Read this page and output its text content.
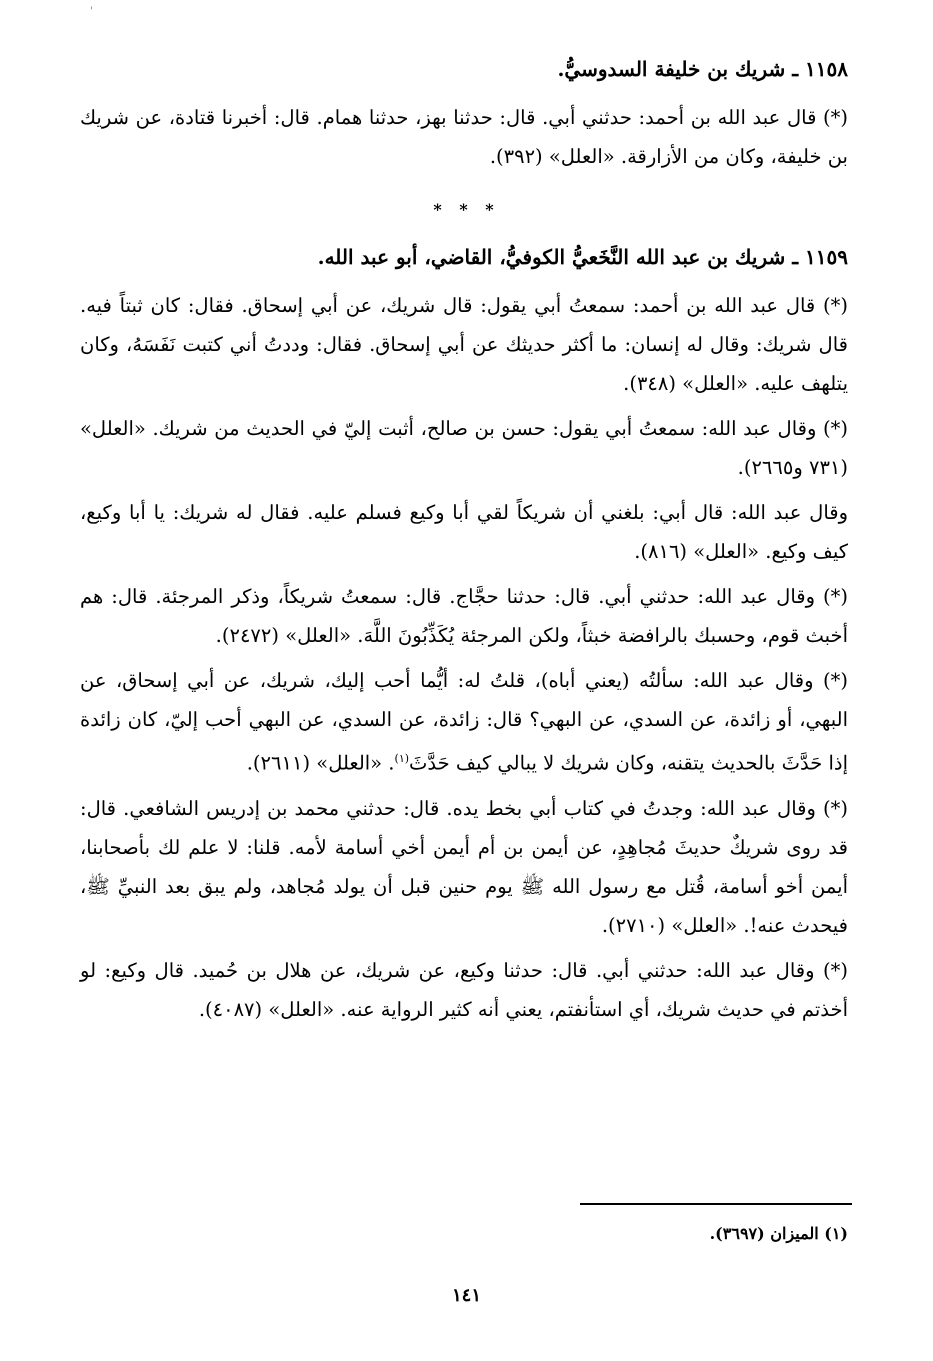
'

١١٥٨ ـ شريك بن خليفة السدوسيُّ.

(*) قال عبد الله بن أحمد: حدثني أبي. قال: حدثنا بهز، حدثنا همام. قال: أخبرنا قتادة، عن شريك بن خليفة، وكان من الأزارقة. «العلل» (٣٩٢).

* * *

١١٥٩ ـ شريك بن عبد الله النَّخَعيُّ الكوفيُّ، القاضي، أبو عبد الله.

(*) قال عبد الله بن أحمد: سمعتُ أبي يقول: قال شريك، عن أبي إسحاق. فقال: كان ثبتاً فيه. قال شريك: وقال له إنسان: ما أكثر حديثك عن أبي إسحاق. فقال: وددتُ أني كتبت نَفَسَهُ، وكان يتلهف عليه. «العلل» (٣٤٨).

(*) وقال عبد الله: سمعتُ أبي يقول: حسن بن صالح، أثبت إليّ في الحديث من شريك. «العلل» (٧٣١ و٢٦٦٥).

وقال عبد الله: قال أبي: بلغني أن شريكاً لقي أبا وكيع فسلم عليه. فقال له شريك: يا أبا وكيع، كيف وكيع. «العلل» (٨١٦).

(*) وقال عبد الله: حدثني أبي. قال: حدثنا حجَّاج. قال: سمعتُ شريكاً، وذكر المرجئة. قال: هم أخبث قوم، وحسبك بالرافضة خبثاً، ولكن المرجئة يُكَذِّبُونَ اللَّهَ. «العلل» (٢٤٧٢).

(*) وقال عبد الله: سألتُه (يعني أباه)، قلتُ له: أيُّما أحب إليك، شريك، عن أبي إسحاق، عن البهي، أو زائدة، عن السدي، عن البهي؟ قال: زائدة، عن السدي، عن البهي أحب إليّ، كان زائدة إذا حَدَّثَ بالحديث يتقنه، وكان شريك لا يبالي كيف حَدَّثَ$^{(١)}$. «العلل» (٢٦١١).

(*) وقال عبد الله: وجدتُ في كتاب أبي بخط يده. قال: حدثني محمد بن إدريس الشافعي. قال: قد روى شريكٌ حديثَ مُجاهِدٍ، عن أيمن بن أم أيمن أخي أسامة لأمه. قلنا: لا علم لك بأصحابنا، أيمن أخو أسامة، قُتل مع رسول الله ﷺ يوم حنين قبل أن يولد مُجاهد، ولم يبق بعد النبيِّ ﷺ، فيحدث عنه!. «العلل» (٢٧١٠).

(*) وقال عبد الله: حدثني أبي. قال: حدثنا وكيع، عن شريك، عن هلال بن حُميد. قال وكيع: لو أخذتم في حديث شريك، أي استأنفتم، يعني أنه كثير الرواية عنه. «العلل» (٤٠٨٧).

(١) الميزان (٣٦٩٧).
١٤١
